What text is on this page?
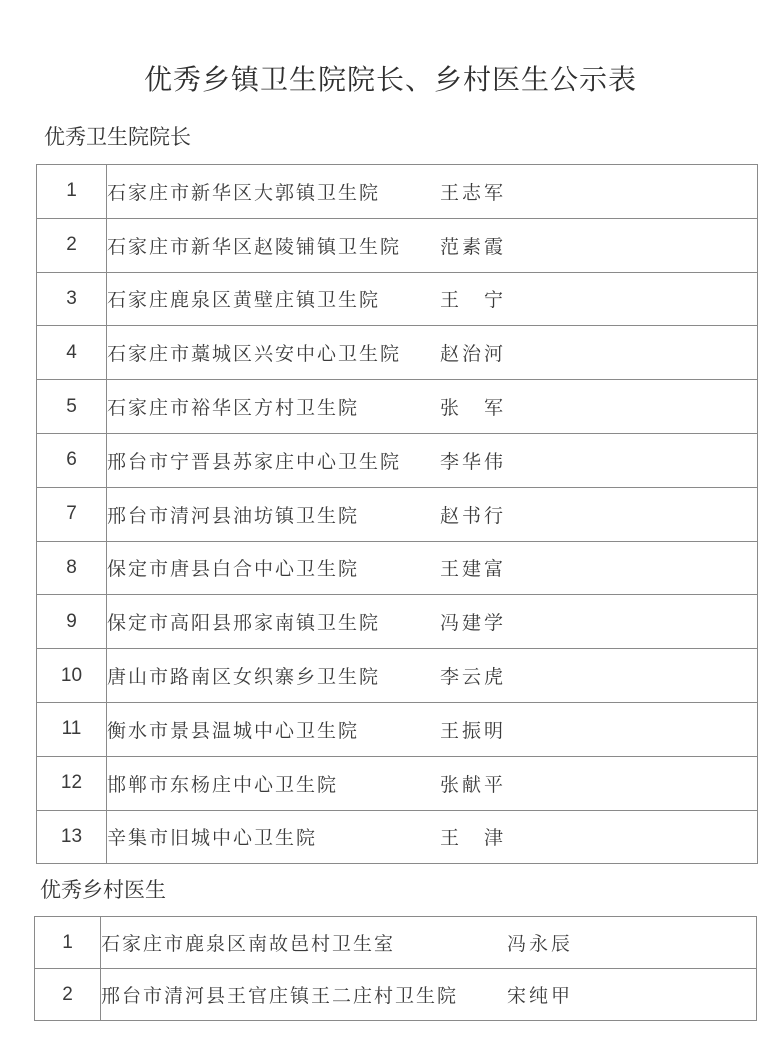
优秀乡镇卫生院院长、乡村医生公示表
优秀卫生院院长
1	石家庄市新华区大郭镇卫生院 王志军
2	石家庄市新华区赵陵铺镇卫生院 范素霞
3	石家庄鹿泉区黄壁庄镇卫生院 王　宁
4	石家庄市藁城区兴安中心卫生院 赵治河
5	石家庄市裕华区方村卫生院 张　军
6	邢台市宁晋县苏家庄中心卫生院 李华伟
7	邢台市清河县油坊镇卫生院 赵书行
8	保定市唐县白合中心卫生院 王建富
9	保定市高阳县邢家南镇卫生院 冯建学
10	唐山市路南区女织寨乡卫生院 李云虎
11	衡水市景县温城中心卫生院 王振明
12	邯郸市东杨庄中心卫生院 张献平
13	辛集市旧城中心卫生院 王　津
优秀乡村医生
1	石家庄市鹿泉区南故邑村卫生室 冯永辰
2	邢台市清河县王官庄镇王二庄村卫生院 宋纯甲
